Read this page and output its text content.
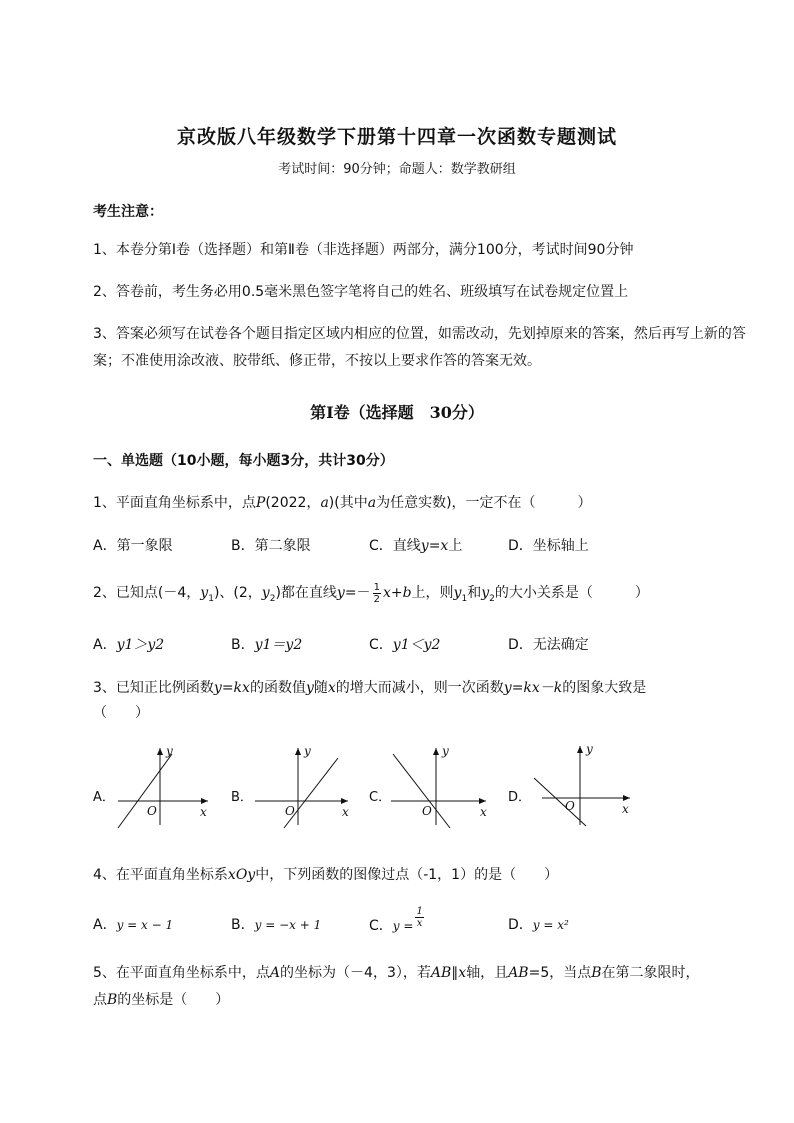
京改版八年级数学下册第十四章一次函数专题测试
考试时间：90分钟；命题人：数学教研组
考生注意：
1、本卷分第I卷（选择题）和第Ⅱ卷（非选择题）两部分，满分100分，考试时间90分钟
2、答卷前，考生务必用0.5毫米黑色签字笔将自己的姓名、班级填写在试卷规定位置上
3、答案必须写在试卷各个题目指定区域内相应的位置，如需改动，先划掉原来的答案，然后再写上新的答案；不准使用涂改液、胶带纸、修正带，不按以上要求作答的答案无效。
第I卷（选择题　30分）
一、单选题（10小题，每小题3分，共计30分）
1、平面直角坐标系中，点P(2022，a)(其中a为任意实数)，一定不在（　　　）
A．第一象限	B．第二象限	C．直线y=x上	D．坐标轴上
2、已知点(－4，$y_1$)、(2，$y_2$)都在直线$y=- \frac{1}{2} x+b$上，则$y_1$和$y_2$的大小关系是（　　　）
A．y1＞y2	B．y1＝y2	C．y1＜y2	D．无法确定
3、已知正比例函数y=kx的函数值y随x的增大而减小，则一次函数y=kx－k的图象大致是
（　　）
A．
y
x
O
B．
y
x
O
C．
y
x
O
D．
y
x
O
4、在平面直角坐标系xOy中，下列函数的图像过点（-1，1）的是（　　）
A．y = x − 1	B．y = −x + 1	C．$y = \frac{1}{x}$	D．y = x²
5、在平面直角坐标系中，点A的坐标为（－4，3），若AB∥x轴，且AB=5，当点B在第二象限时，
点B的坐标是（　　）
